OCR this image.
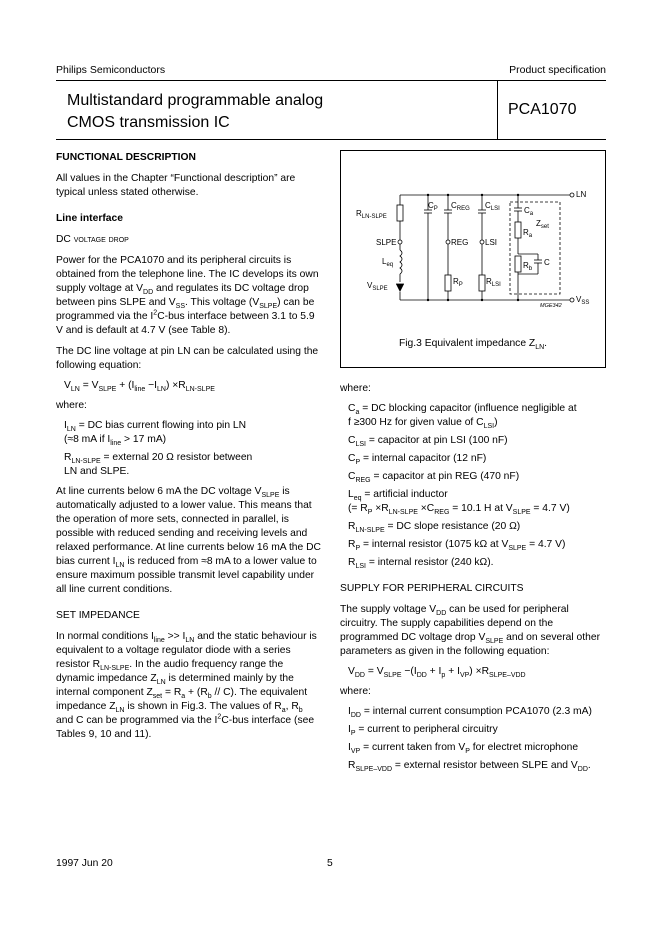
Philips Semiconductors	Product specification
Multistandard programmable analog
CMOS transmission IC
PCA1070

FUNCTIONAL DESCRIPTION

All values in the Chapter “Functional description” are typical unless stated otherwise.

Line interface

DC voltage drop

Power for the PCA1070 and its peripheral circuits is obtained from the telephone line. The IC develops its own supply voltage at $V_{DD}$ and regulates its DC voltage drop between pins SLPE and $V_{SS}$. This voltage $(V_{SLPE})$ can be programmed via the $I^2C$-bus interface between 3.1 to 5.9 V and is default at 4.7 V (see Table 8).

The DC line voltage at pin LN can be calculated using the following equation:

$V_{LN} = V_{SLPE} + (I_{line} -I_{LN}) \times R_{LN-SLPE}$

where:

$I_{LN}$ = DC bias current flowing into pin LN
(≈8 mA if $I_{line} > 17$ mA)

$R_{LN-SLPE}$ = external 20 Ω resistor between
LN and SLPE.

At line currents below 6 mA the DC voltage $V_{SLPE}$ is automatically adjusted to a lower value. This means that the operation of more sets, connected in parallel, is possible with reduced sending and receiving levels and relaxed performance. At line currents below 16 mA the DC bias current $I_{LN}$ is reduced from ≈8 mA to a lower value to ensure maximum possible transmit level capability under all line current conditions.

SET IMPEDANCE

In normal conditions $I_{line} >> I_{LN}$ and the static behaviour is equivalent to a voltage regulator diode with a series resistor $R_{LN-SLPE}$. In the audio frequency range the dynamic impedance $Z_{LN}$ is determined mainly by the internal component $Z_{set} = R_a + (R_b // C)$. The equivalent impedance $Z_{LN}$ is shown in Fig.3. The values of $R_a$, $R_b$ and C can be programmed via the $I^2C$-bus interface (see Tables 9, 10 and 11).

LN
$V_{SS}$
$R_{LN-SLPE}$
SLPE
$L_{eq}$
$V_{SLPE}$
$C_P$ $C_{REG}$
REG
$C_{LSI}$
LSI
$R_P$	$R_{LSI}$
$C_a$
$Z_{set}$
$R_a$
$R_b$
C
MGE342
Fig.3 Equivalent impedance $Z_{LN}$.

where:

$C_a$ = DC blocking capacitor (influence negligible at
f ≥300 Hz for given value of $C_{LSI}$)

$C_{LSI}$ = capacitor at pin LSI (100 nF)

$C_P$ = internal capacitor (12 nF)

$C_{REG}$ = capacitor at pin REG (470 nF)

$L_{eq}$ = artificial inductor
(= $R_P \times R_{LN-SLPE} \times C_{REG} = 10.1$ H at $V_{SLPE} = 4.7$ V)

$R_{LN-SLPE}$ = DC slope resistance (20 Ω)

$R_P$ = internal resistor (1075 kΩ at $V_{SLPE} = 4.7$ V)

$R_{LSI}$ = internal resistor (240 kΩ).

SUPPLY FOR PERIPHERAL CIRCUITS

The supply voltage $V_{DD}$ can be used for peripheral circuitry. The supply capabilities depend on the programmed DC voltage drop $V_{SLPE}$ and on several other parameters as given in the following equation:

$V_{DD} = V_{SLPE} -(I_{DD} + I_p + I_{VP}) \times R_{SLPE-VDD}$

where:

$I_{DD}$ = internal current consumption PCA1070 (2.3 mA)

$I_P$ = current to peripheral circuitry

$I_{VP}$ = current taken from $V_P$ for electret microphone

$R_{SLPE-VDD}$ = external resistor between SLPE and $V_{DD}$.

1997 Jun 20	5
